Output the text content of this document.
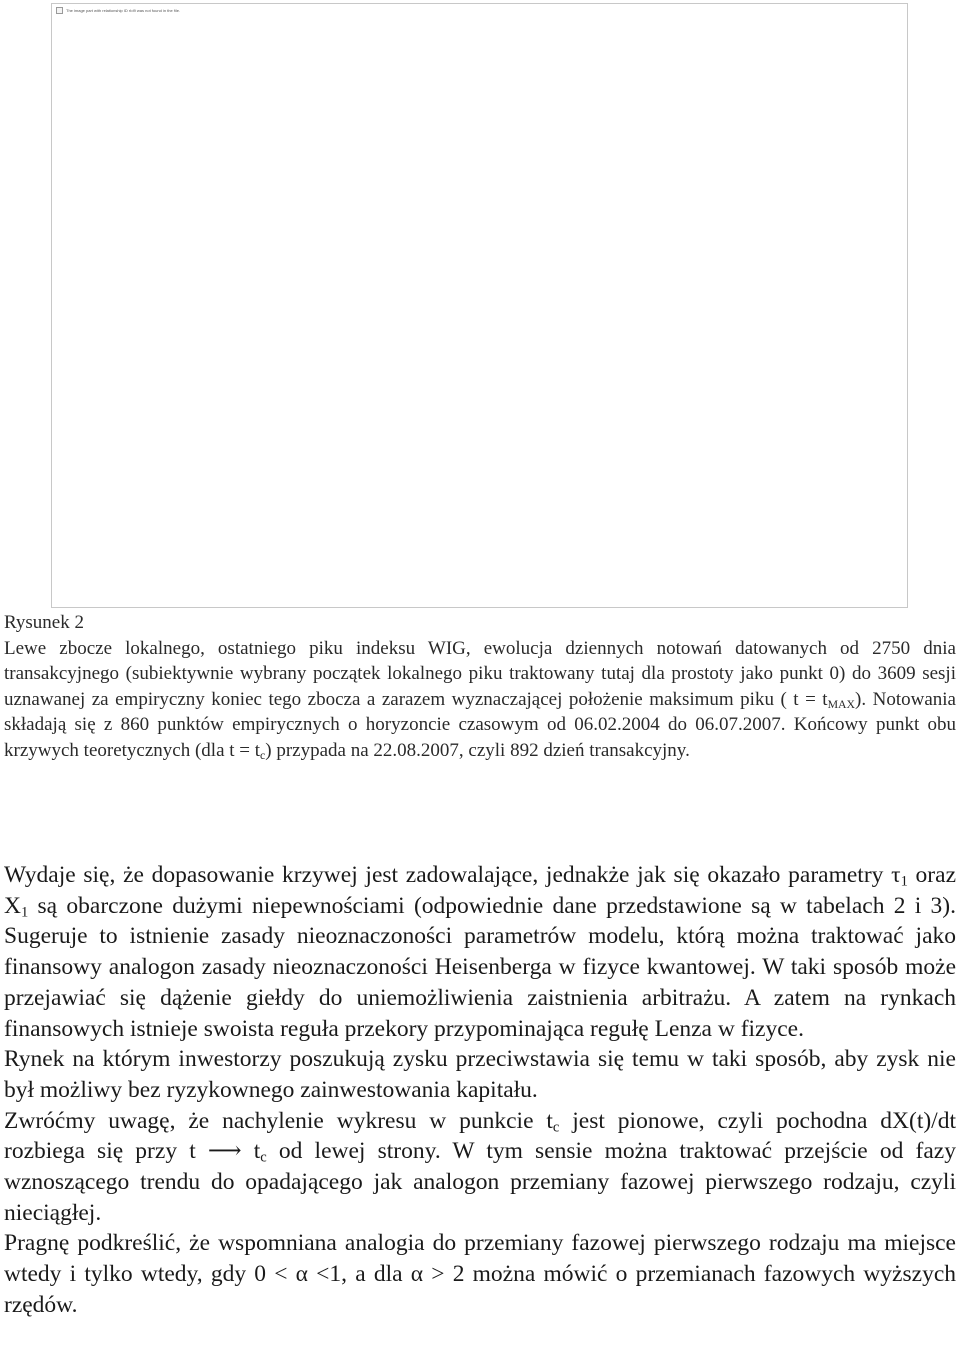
The image part with relationship ID rId9 was not found in the file.
Rysunek 2
Lewe zbocze lokalnego, ostatniego piku indeksu WIG, ewolucja dziennych notowań datowanych od 2750 dnia transakcyjnego (subiektywnie wybrany początek lokalnego piku traktowany tutaj dla prostoty jako punkt 0) do 3609 sesji uznawanej za empiryczny koniec tego zbocza a zarazem wyznaczającej położenie maksimum piku ( $t = t_{MAX}$). Notowania składają się z 860 punktów empirycznych o horyzoncie czasowym od 06.02.2004 do 06.07.2007. Końcowy punkt obu krzywych teoretycznych (dla $t = t_c$) przypada na 22.08.2007, czyli 892 dzień transakcyjny.

Wydaje się, że dopasowanie krzywej jest zadowalające, jednakże jak się okazało parametry $\tau_1$ oraz $X_1$ są obarczone dużymi niepewnościami (odpowiednie dane przedstawione są w tabelach 2 i 3). Sugeruje to istnienie zasady nieoznaczoności parametrów modelu, którą można traktować jako finansowy analogon zasady nieoznaczoności Heisenberga w fizyce kwantowej. W taki sposób może przejawiać się dążenie giełdy do uniemożliwienia zaistnienia arbitrażu. A zatem na rynkach finansowych istnieje swoista reguła przekory przypominająca regułę Lenza w fizyce.

Rynek na którym inwestorzy poszukują zysku przeciwstawia się temu w taki sposób, aby zysk nie był możliwy bez ryzykownego zainwestowania kapitału.

Zwróćmy uwagę, że nachylenie wykresu w punkcie $t_c$ jest pionowe, czyli pochodna dX(t)/dt rozbiega się przy t ⟶ $t_c$ od lewej strony. W tym sensie można traktować przejście od fazy wznoszącego trendu do opadającego jak analogon przemiany fazowej pierwszego rodzaju, czyli nieciągłej.

Pragnę podkreślić, że wspomniana analogia do przemiany fazowej pierwszego rodzaju ma miejsce wtedy i tylko wtedy, gdy 0 < α <1, a dla α > 2 można mówić o przemianach fazowych wyższych rzędów.
